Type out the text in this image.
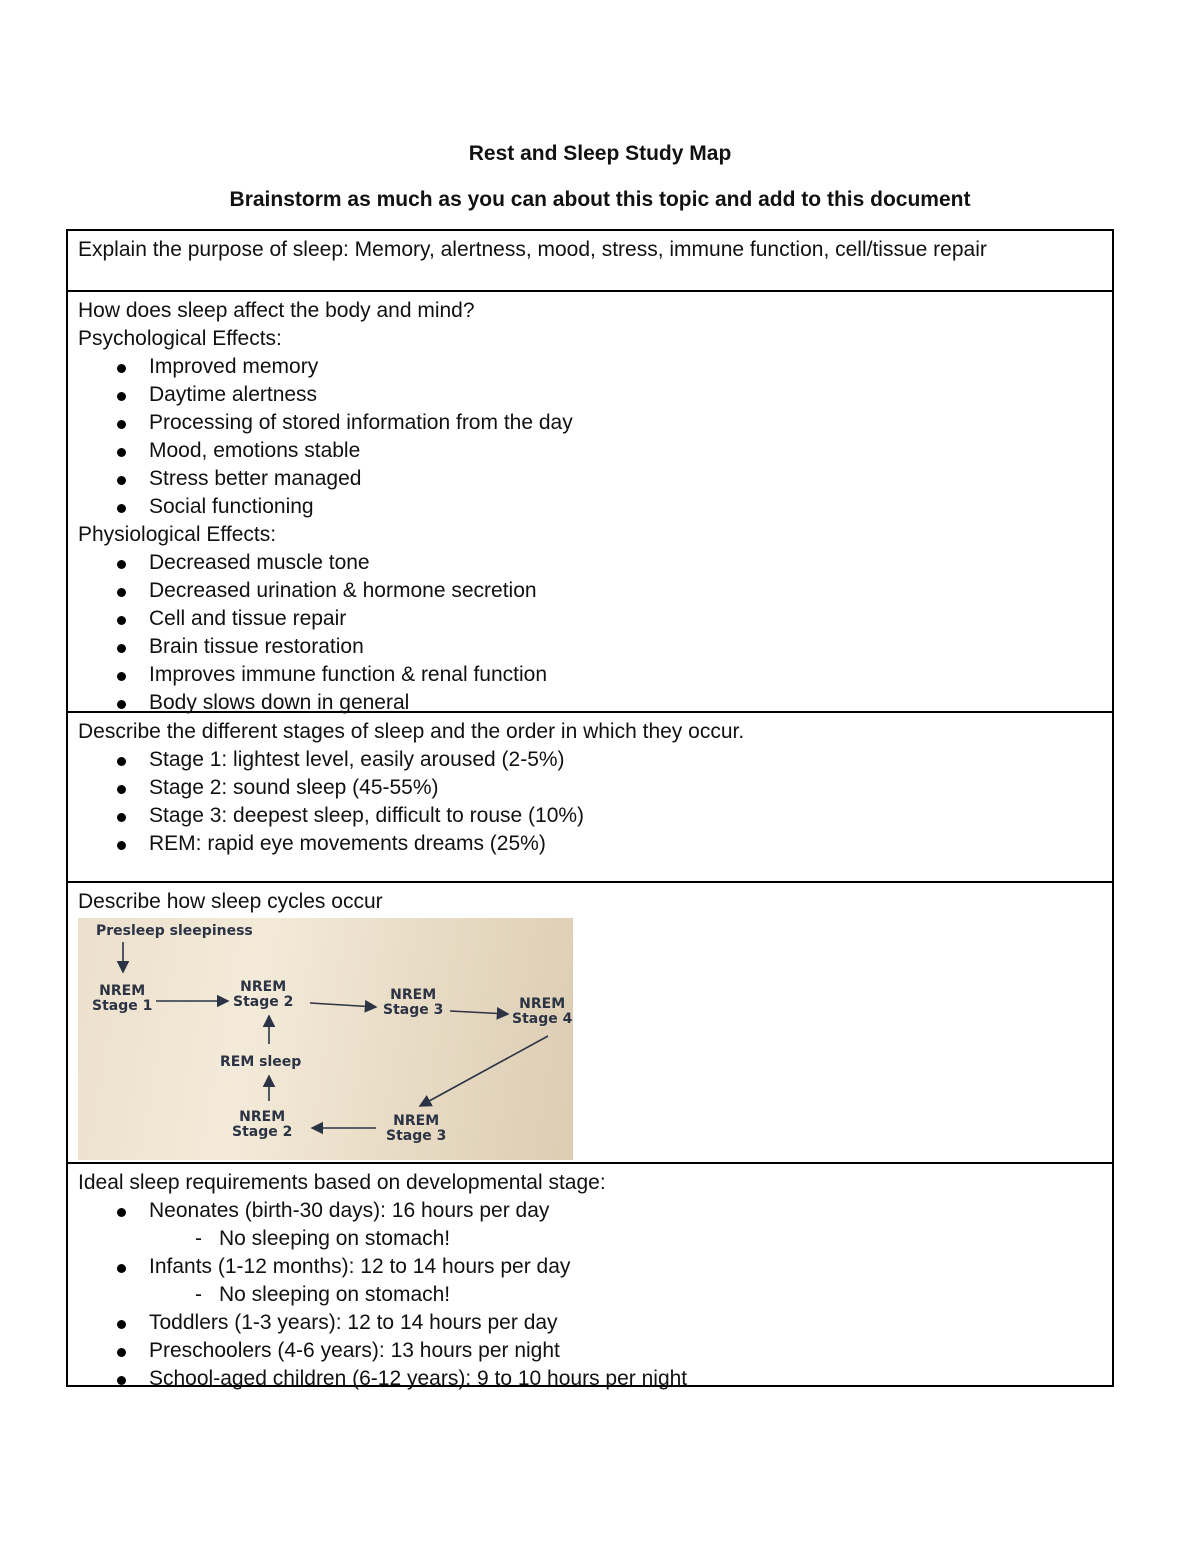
Rest and Sleep Study Map
Brainstorm as much as you can about this topic and add to this document
Explain the purpose of sleep: Memory, alertness, mood, stress, immune function, cell/tissue repair
How does sleep affect the body and mind?
Psychological Effects:
Improved memory
Daytime alertness
Processing of stored information from the day
Mood, emotions stable
Stress better managed
Social functioning
Physiological Effects:
Decreased muscle tone
Decreased urination & hormone secretion
Cell and tissue repair
Brain tissue restoration
Improves immune function & renal function
Body slows down in general
Describe the different stages of sleep and the order in which they occur.
Stage 1: lightest level, easily aroused (2-5%)
Stage 2: sound sleep (45-55%)
Stage 3: deepest sleep, difficult to rouse (10%)
REM: rapid eye movements dreams (25%)
Describe how sleep cycles occur
Presleep sleepiness
NREM
Stage 1
NREM
Stage 2	NREM
Stage 3	NREM
Stage 4
REM sleep
NREM
Stage 3
NREM
Stage 2
Ideal sleep requirements based on developmental stage:
Neonates (birth-30 days): 16 hours per day
- No sleeping on stomach!
Infants (1-12 months): 12 to 14 hours per day
- No sleeping on stomach!
Toddlers (1-3 years): 12 to 14 hours per day
Preschoolers (4-6 years): 13 hours per night
School-aged children (6-12 years): 9 to 10 hours per night
